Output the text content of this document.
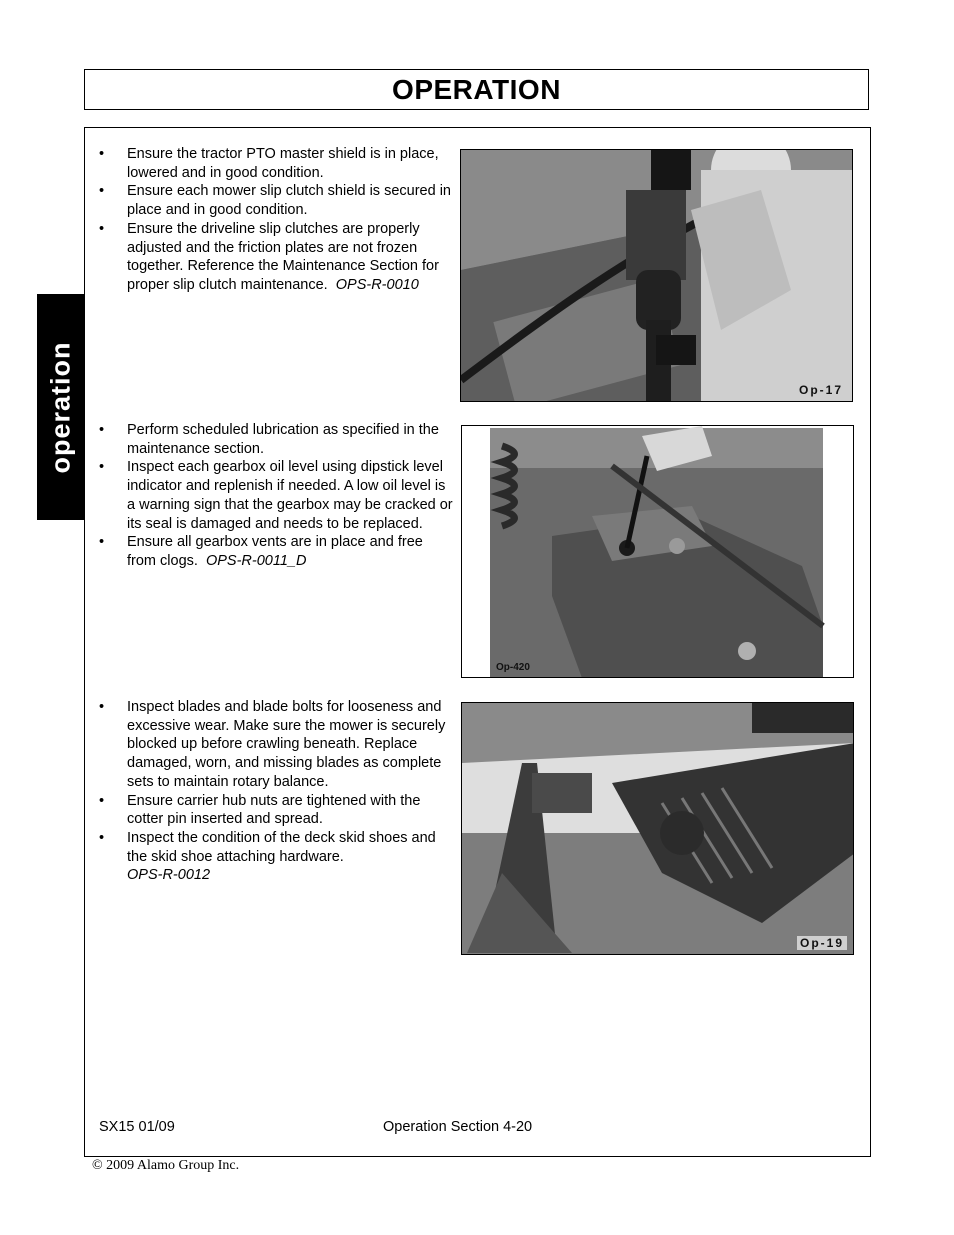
OPERATION
operation
• Ensure the tractor PTO master shield is in place, lowered and in good condition.
• Ensure each mower slip clutch shield is secured in place and in good condition.
• Ensure the driveline slip clutches are properly adjusted and the friction plates are not frozen together. Reference the Maintenance Section for proper slip clutch maintenance. OPS-R-0010
Op-17
• Perform scheduled lubrication as specified in the maintenance section.
• Inspect each gearbox oil level using dipstick level indicator and replenish if needed. A low oil level is a warning sign that the gearbox may be cracked or its seal is damaged and needs to be replaced.
• Ensure all gearbox vents are in place and free from clogs. OPS-R-0011_D
Op-420
• Inspect blades and blade bolts for looseness and excessive wear. Make sure the mower is securely blocked up before crawling beneath. Replace damaged, worn, and missing blades as complete sets to maintain rotary balance.
• Ensure carrier hub nuts are tightened with the cotter pin inserted and spread.
• Inspect the condition of the deck skid shoes and the skid shoe attaching hardware.
OPS-R-0012
Op-19
SX15 01/09	Operation Section 4-20
© 2009 Alamo Group Inc.
